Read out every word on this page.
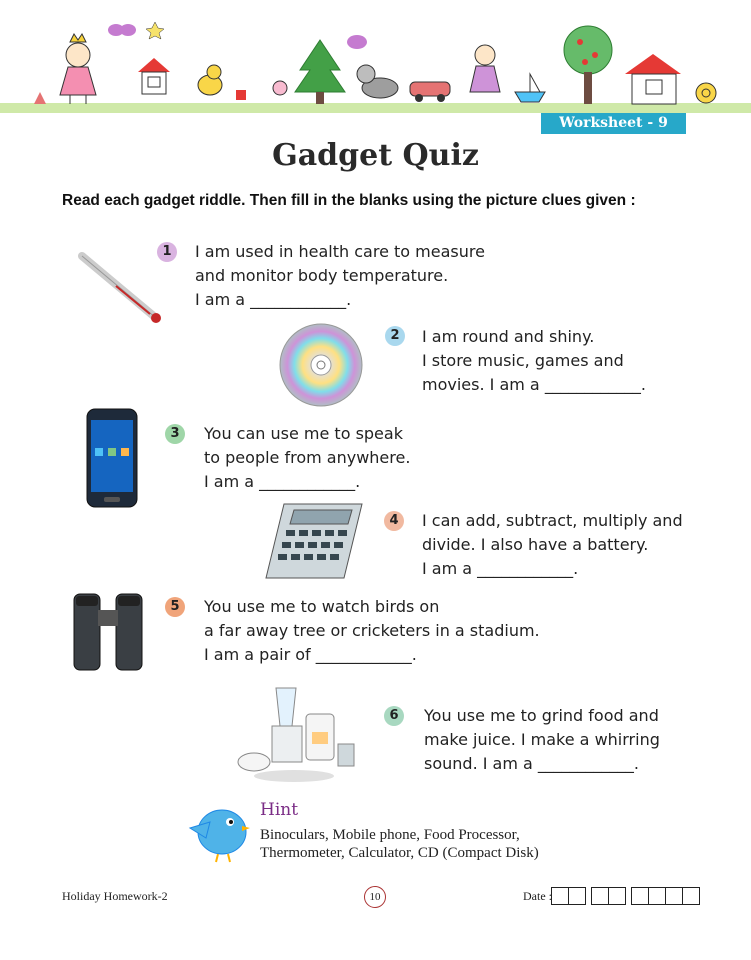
Worksheet - 9
Gadget Quiz
Read each gadget riddle. Then fill in the blanks using the picture clues given :
1	I am used in health care to measure
and monitor body temperature.
I am a ____________.
2	I am round and shiny.
I store music, games and
movies. I am a ____________.
3	You can use me to speak
to people from anywhere.
I am a ____________.
4	I can add, subtract, multiply and
divide. I also have a battery.
I am a ____________.
5	You use me to watch birds on
a far away tree or cricketers in a stadium.
I am a pair of ____________.
6	You use me to grind food and
make juice. I make a whirring
sound. I am a ____________.
Hint
Binoculars, Mobile phone, Food Processor, Thermometer, Calculator, CD (Compact Disk)
Holiday Homework-2	10	Date :
